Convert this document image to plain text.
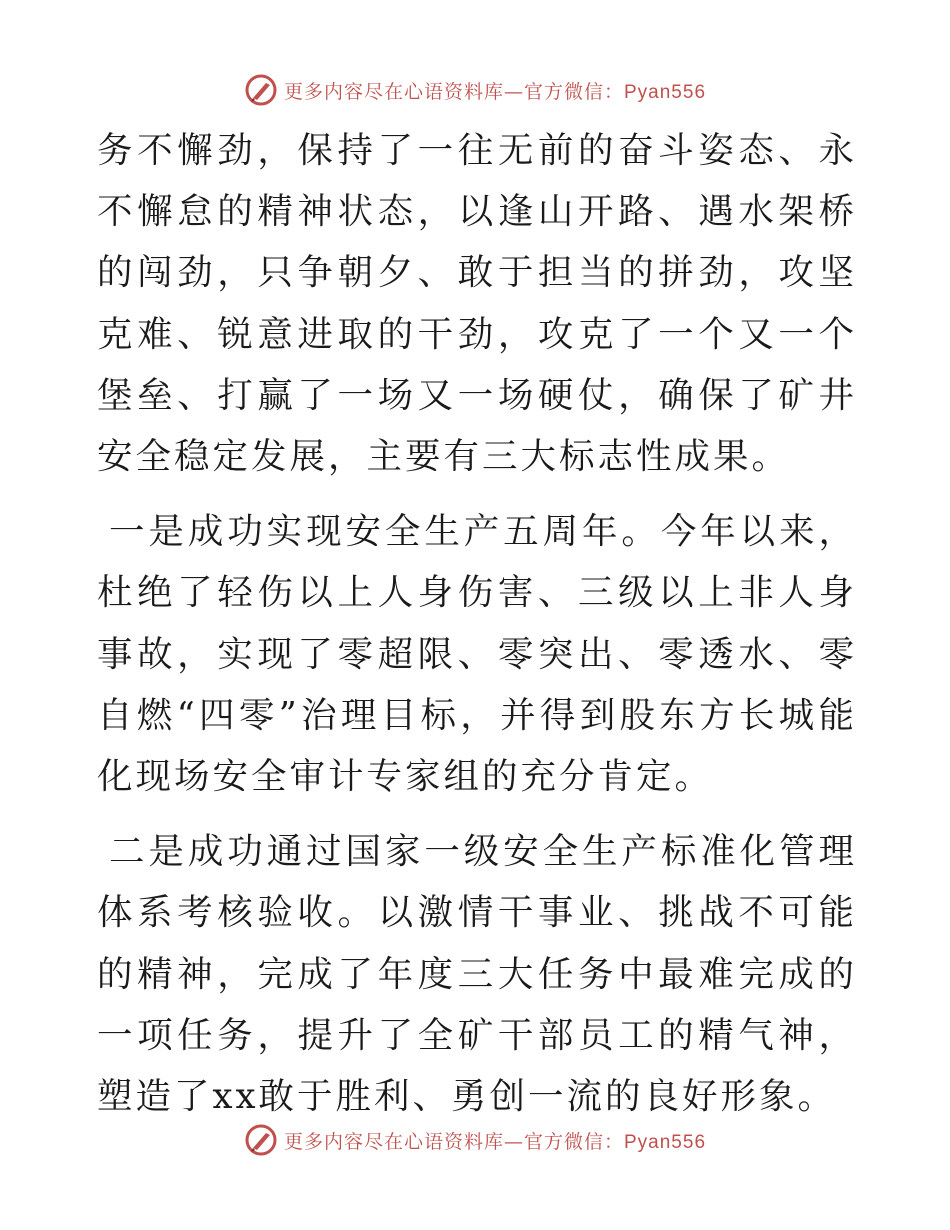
更多内容尽在心语资料库—官方微信：Pyan556

务不懈劲，保持了一往无前的奋斗姿态、永不懈怠的精神状态，以逢山开路、遇水架桥的闯劲，只争朝夕、敢于担当的拼劲，攻坚克难、锐意进取的干劲，攻克了一个又一个堡垒、打赢了一场又一场硬仗，确保了矿井安全稳定发展，主要有三大标志性成果。

一是成功实现安全生产五周年。今年以来，杜绝了轻伤以上人身伤害、三级以上非人身事故，实现了零超限、零突出、零透水、零自燃“四零”治理目标，并得到股东方长城能化现场安全审计专家组的充分肯定。

二是成功通过国家一级安全生产标准化管理体系考核验收。以激情干事业、挑战不可能的精神，完成了年度三大任务中最难完成的一项任务，提升了全矿干部员工的精气神，塑造了xx敢于胜利、勇创一流的良好形象。

更多内容尽在心语资料库—官方微信：Pyan556
